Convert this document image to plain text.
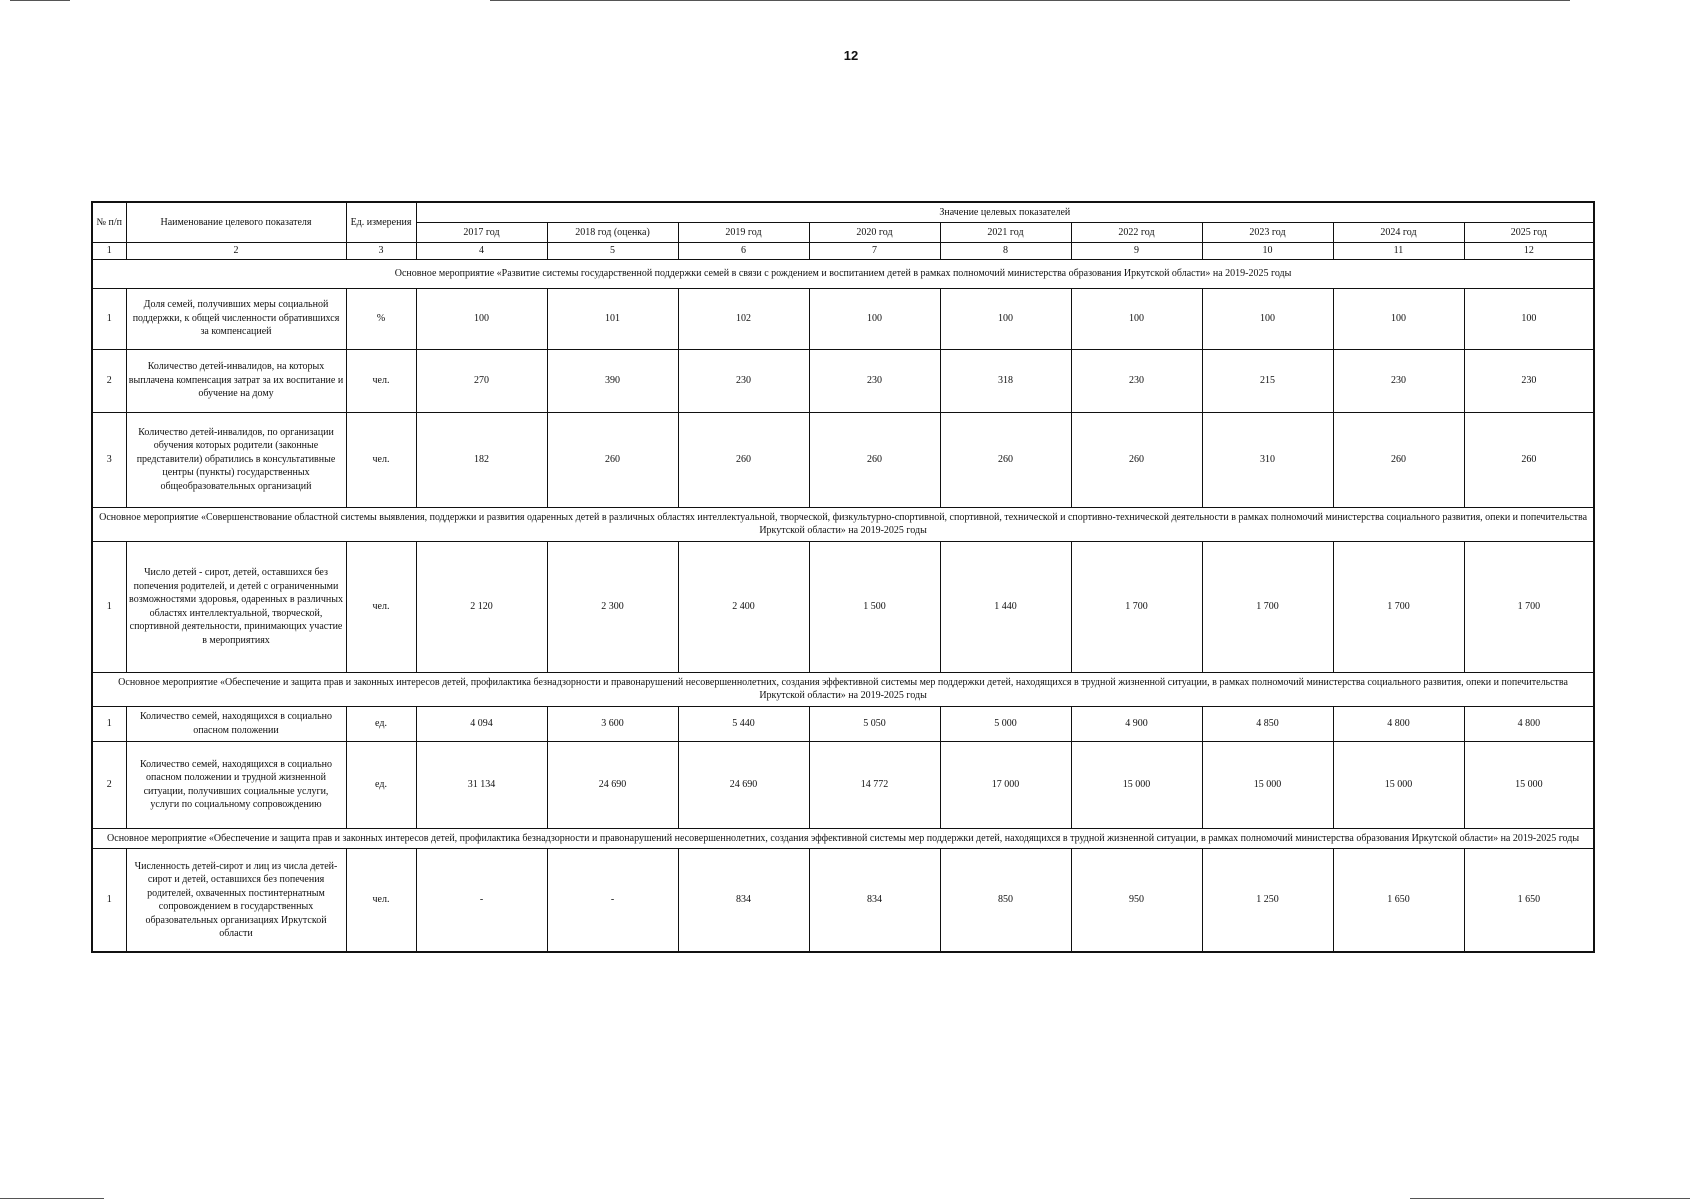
12
№ п/п	Наименование целевого показателя	Ед. измерения	Значение целевых показателей								
			2017 год	2018 год (оценка)	2019 год	2020 год	2021 год	2022 год	2023 год	2024 год	2025 год
1	2	3	4	5	6	7	8	9	10	11	12
Основное мероприятие «Развитие системы государственной поддержки семей в связи с рождением и воспитанием детей в рамках полномочий министерства образования Иркутской области» на 2019-2025 годы											
1	Доля семей, получивших меры социальной поддержки, к общей численности обратившихся за компенсацией	%	100	101	102	100	100	100	100	100	100
2	Количество детей-инвалидов, на которых выплачена компенсация затрат за их воспитание и обучение на дому	чел.	270	390	230	230	318	230	215	230	230
3	Количество детей-инвалидов, по организации обучения которых родители (законные представители) обратились в консультативные центры (пункты) государственных общеобразовательных организаций	чел.	182	260	260	260	260	260	310	260	260
Основное мероприятие «Совершенствование областной системы выявления, поддержки и развития одаренных детей в различных областях интеллектуальной, творческой, физкультурно-спортивной, спортивной, технической и спортивно-технической деятельности в рамках полномочий министерства социального развития, опеки и попечительства Иркутской области» на 2019-2025 годы											
1	Число детей - сирот, детей, оставшихся без попечения родителей, и детей с ограниченными возможностями здоровья, одаренных в различных областях интеллектуальной, творческой, спортивной деятельности, принимающих участие в мероприятиях	чел.	2 120	2 300	2 400	1 500	1 440	1 700	1 700	1 700	1 700
Основное мероприятие «Обеспечение и защита прав и законных интересов детей, профилактика безнадзорности и правонарушений несовершеннолетних, создания эффективной системы мер поддержки детей, находящихся в трудной жизненной ситуации, в рамках полномочий министерства социального развития, опеки и попечительства Иркутской области» на 2019-2025 годы											
1	Количество семей, находящихся в социально опасном положении	ед.	4 094	3 600	5 440	5 050	5 000	4 900	4 850	4 800	4 800
2	Количество семей, находящихся в социально опасном положении и трудной жизненной ситуации, получивших социальные услуги, услуги по социальному сопровождению	ед.	31 134	24 690	24 690	14 772	17 000	15 000	15 000	15 000	15 000
Основное мероприятие «Обеспечение и защита прав и законных интересов детей, профилактика безнадзорности и правонарушений несовершеннолетних, создания эффективной системы мер поддержки детей, находящихся в трудной жизненной ситуации, в рамках полномочий министерства образования Иркутской области» на 2019-2025 годы											
1	Численность детей-сирот и лиц из числа детей-сирот и детей, оставшихся без попечения родителей, охваченных постинтернатным сопровождением в государственных образовательных организациях Иркутской области	чел.	-	-	834	834	850	950	1 250	1 650	1 650
